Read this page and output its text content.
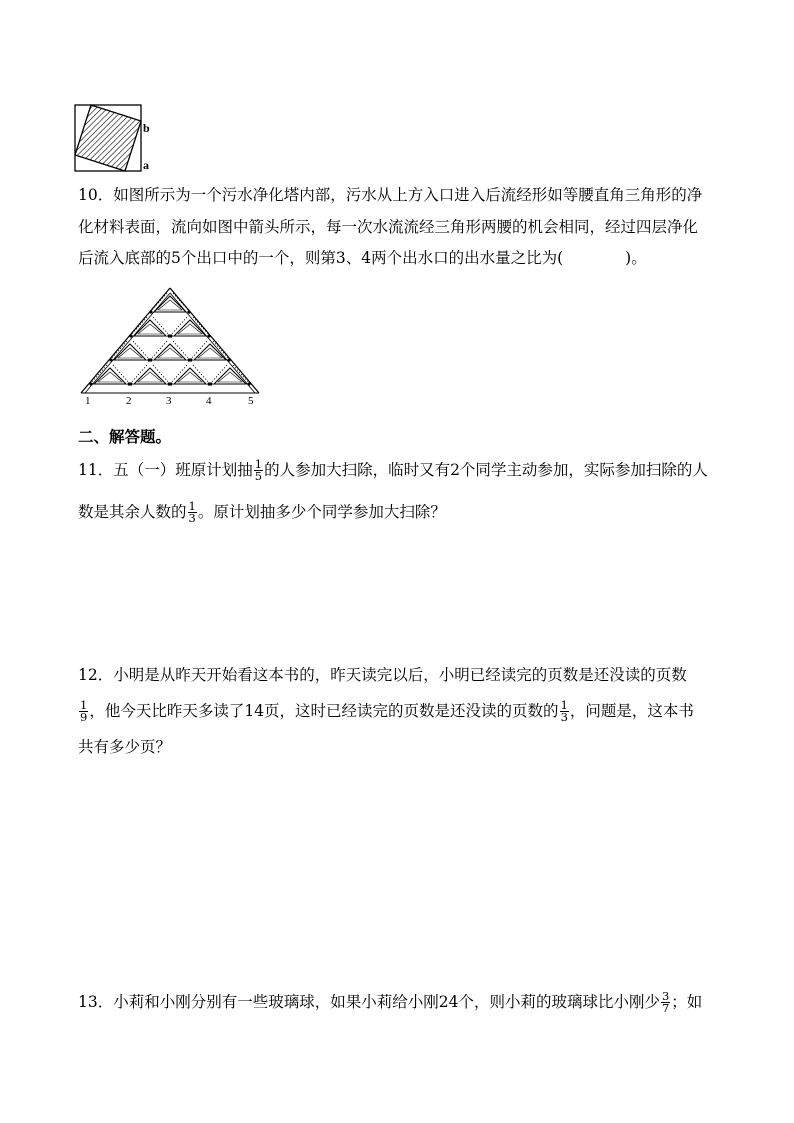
b
a
10．如图所示为一个污水净化塔内部，污水从上方入口进入后流经形如等腰直角三角形的净
化材料表面，流向如图中箭头所示，每一次水流流经三角形两腰的机会相同，经过四层净化
后流入底部的5个出口中的一个，则第3、4两个出水口的出水量之比为(	)。
1	2	3	4	5
二、解答题。
11．五（一）班原计划抽 $\frac{1}{5}$ 的人参加大扫除，临时又有2个同学主动参加，实际参加扫除的人
数是其余人数的 $\frac{1}{3}$ 。原计划抽多少个同学参加大扫除？
12．小明是从昨天开始看这本书的，昨天读完以后，小明已经读完的页数是还没读的页数
$\frac{1}{9}$ ，他今天比昨天多读了14页，这时已经读完的页数是还没读的页数的 $\frac{1}{3}$ ，问题是，这本书
共有多少页？
13．小莉和小刚分别有一些玻璃球，如果小莉给小刚24个，则小莉的玻璃球比小刚少 $\frac{3}{7}$ ；如
